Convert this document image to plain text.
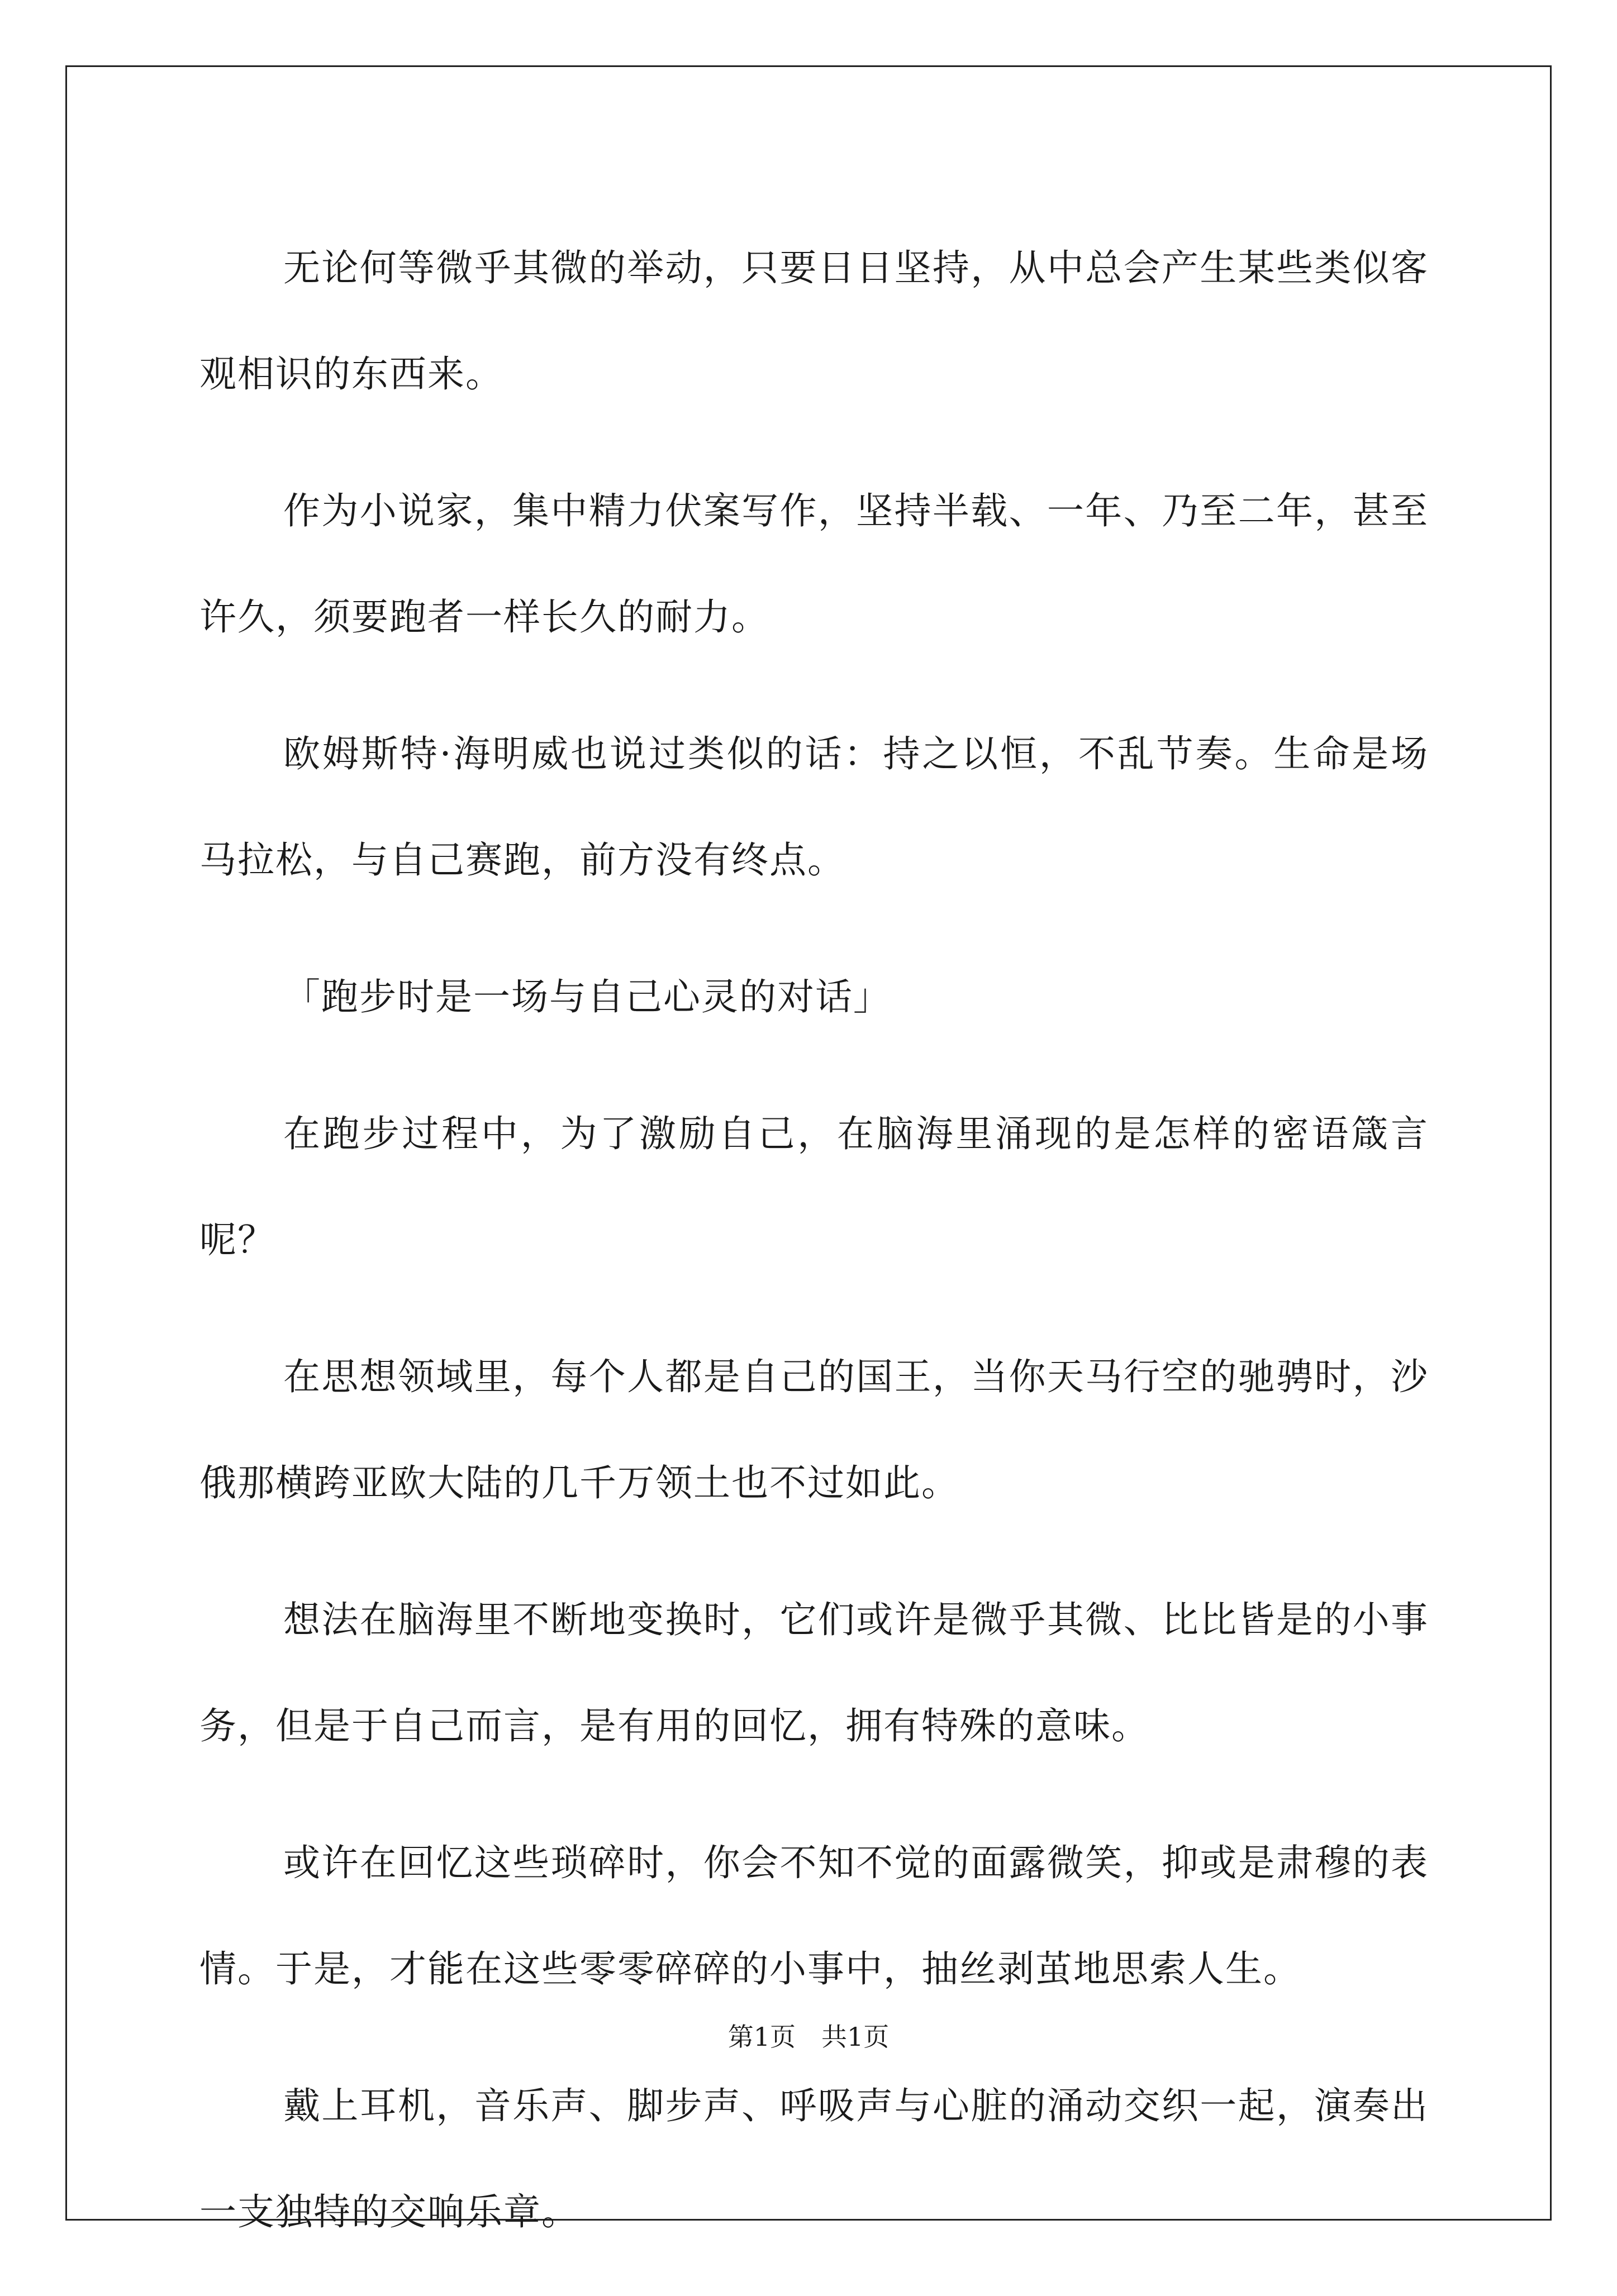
无论何等微乎其微的举动，只要日日坚持，从中总会产生某些类似客观相识的东西来。

作为小说家，集中精力伏案写作，坚持半载、一年、乃至二年，甚至许久，须要跑者一样长久的耐力。

欧姆斯特·海明威也说过类似的话：持之以恒，不乱节奏。生命是场马拉松，与自己赛跑，前方没有终点。

「跑步时是一场与自己心灵的对话」

在跑步过程中，为了激励自己，在脑海里涌现的是怎样的密语箴言呢？

在思想领域里，每个人都是自己的国王，当你天马行空的驰骋时，沙俄那横跨亚欧大陆的几千万领土也不过如此。

想法在脑海里不断地变换时，它们或许是微乎其微、比比皆是的小事务，但是于自己而言，是有用的回忆，拥有特殊的意味。

或许在回忆这些琐碎时，你会不知不觉的面露微笑，抑或是肃穆的表情。于是，才能在这些零零碎碎的小事中，抽丝剥茧地思索人生。

戴上耳机，音乐声、脚步声、呼吸声与心脏的涌动交织一起，演奏出一支独特的交响乐章。

第1页　共1页
